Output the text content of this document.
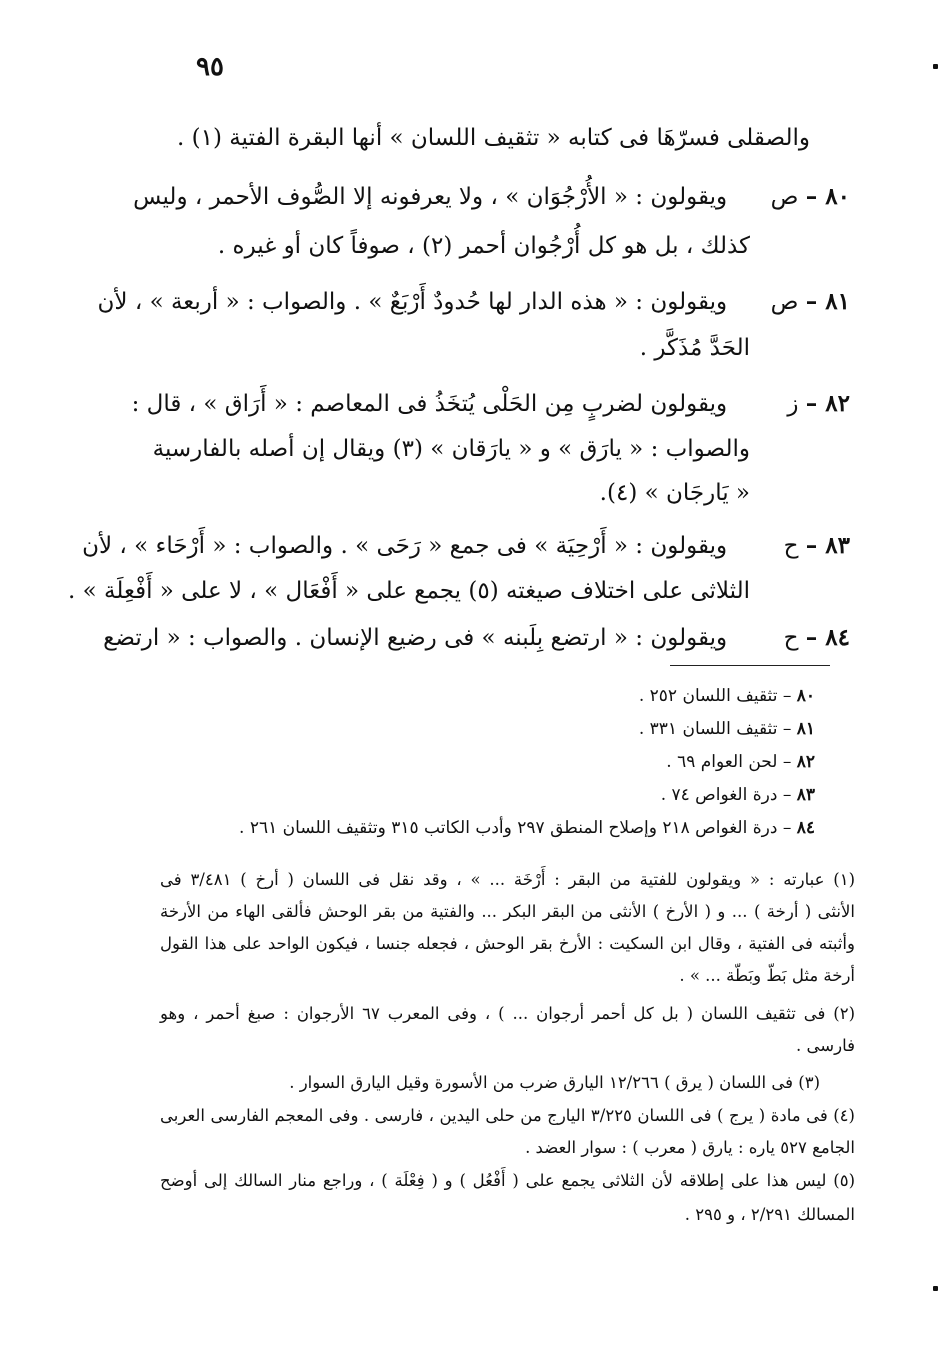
٩٥
والصقلى فسرّهَا فى كتابه « تثقيف اللسان » أنها البقرة الفتية (١) .
٨٠ – ص ويقولون : « الأُرْجُوَان » ، ولا يعرفونه إلا الصُّوف الأحمر ، وليس
كذلك ، بل هو كل أُرْجُوان أحمر (٢) ، صوفاً كان أو غيره .
٨١ – ص ويقولون : « هذه الدار لها حُدودٌ أَرْبَعٌ » . والصواب : « أربعة » ، لأن
الحَدَّ مُذَكَّر .
٨٢ – ز ويقولون لضربٍ مِن الحَلْى يُتخَذُ فى المعاصم : « أَرَاق » ، قال :
والصواب : « يارَق » و « يارَقان » (٣) ويقال إن أصله بالفارسية
« يَارجَان » (٤).
٨٣ – ح ويقولون : « أَرْحِيَة » فى جمع « رَحَى » . والصواب : « أَرْحَاء » ، لأن
الثلاثى على اختلاف صيغته (٥) يجمع على « أَفْعَال » ، لا على « أَفْعِلَة » .
٨٤ – ح ويقولون : « ارتضع بِلَبنه » فى رضيع الإنسان . والصواب : « ارتضع
٨٠ – تثقيف اللسان ٢٥٢ .
٨١ – تثقيف اللسان ٣٣١ .
٨٢ – لحن العوام ٦٩ .
٨٣ – درة الغواص ٧٤ .
٨٤ – درة الغواص ٢١٨ وإصلاح المنطق ٢٩٧ وأدب الكاتب ٣١٥ وتثقيف اللسان ٢٦١ .
(١) عبارته : « ويقولون للفتية من البقر : أَرْخَة ... » ، وقد نقل فى اللسان ( أرخ ) ٣/٤٨١ فى
الأنثى ( أرخة ) ... و ( الأرخ ) الأنثى من البقر البكر ... والفتية من بقر الوحش فألقى الهاء من الأرخة
وأثبته فى الفتية ، وقال ابن السكيت : الأرخ بقر الوحش ، فجعله جنسا ، فيكون الواحد على هذا القول
أرخة مثل بَطّ وبَطّة ... » .
(٢) فى تثقيف اللسان ( بل كل أحمر أرجوان ... ) ، وفى المعرب ٦٧ الأرجوان : صبغ أحمر ، وهو
فارسى .
(٣) فى اللسان ( يرق ) ١٢/٢٦٦ اليارق ضرب من الأسورة وقيل اليارق السوار .
(٤) فى مادة ( يرج ) فى اللسان ٣/٢٢٥ اليارج من حلى اليدين ، فارسى . وفى المعجم الفارسى العربى
الجامع ٥٢٧ ياره : يارق ( معرب ) : سوار العضد .
(٥) ليس هذا على إطلاقه لأن الثلاثى يجمع على ( أَفْعُل ) و ( فِعْلَة ) ، وراجع منار السالك إلى أوضح
المسالك ٢/٢٩١ ، و ٢٩٥ .
